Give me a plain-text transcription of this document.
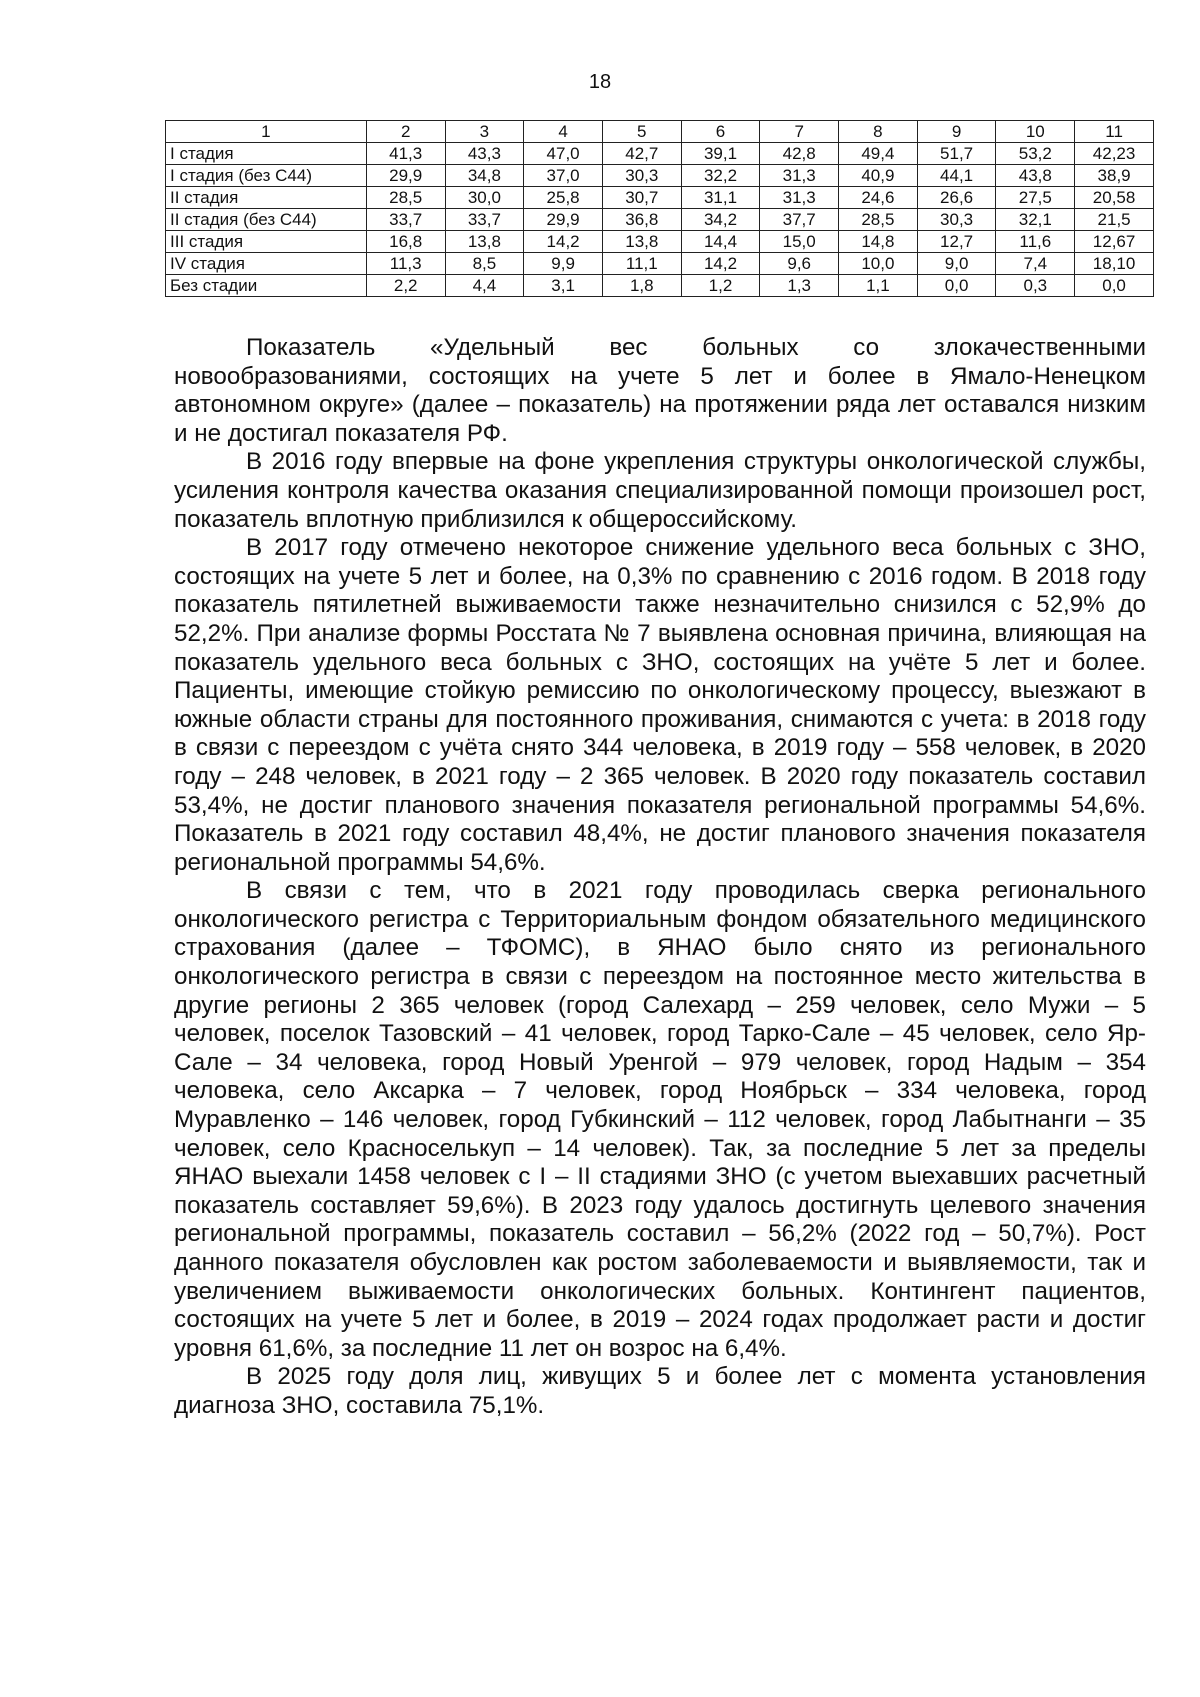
18
1	2	3	4	5	6	7	8	9	10	11
I стадия	41,3	43,3	47,0	42,7	39,1	42,8	49,4	51,7	53,2	42,23
I стадия (без С44)	29,9	34,8	37,0	30,3	32,2	31,3	40,9	44,1	43,8	38,9
II стадия	28,5	30,0	25,8	30,7	31,1	31,3	24,6	26,6	27,5	20,58
II стадия (без С44)	33,7	33,7	29,9	36,8	34,2	37,7	28,5	30,3	32,1	21,5
III стадия	16,8	13,8	14,2	13,8	14,4	15,0	14,8	12,7	11,6	12,67
IV стадия	11,3	8,5	9,9	11,1	14,2	9,6	10,0	9,0	7,4	18,10
Без стадии	2,2	4,4	3,1	1,8	1,2	1,3	1,1	0,0	0,3	0,0

Показатель «Удельный вес больных со злокачественными новообразованиями, состоящих на учете 5 лет и более в Ямало-Ненецком автономном округе» (далее – показатель) на протяжении ряда лет оставался низким и не достигал показателя РФ.

В 2016 году впервые на фоне укрепления структуры онкологической службы, усиления контроля качества оказания специализированной помощи произошел рост, показатель вплотную приблизился к общероссийскому.

В 2017 году отмечено некоторое снижение удельного веса больных с ЗНО, состоящих на учете 5 лет и более, на 0,3% по сравнению с 2016 годом. В 2018 году показатель пятилетней выживаемости также незначительно снизился с 52,9% до 52,2%. При анализе формы Росстата № 7 выявлена основная причина, влияющая на показатель удельного веса больных с ЗНО, состоящих на учёте 5 лет и более. Пациенты, имеющие стойкую ремиссию по онкологическому процессу, выезжают в южные области страны для постоянного проживания, снимаются с учета: в 2018 году в связи с переездом с учёта снято 344 человека, в 2019 году – 558 человек, в 2020 году – 248 человек, в 2021 году – 2 365 человек. В 2020 году показатель составил 53,4%, не достиг планового значения показателя региональной программы 54,6%. Показатель в 2021 году составил 48,4%, не достиг планового значения показателя региональной программы 54,6%.

В связи с тем, что в 2021 году проводилась сверка регионального онкологического регистра с Территориальным фондом обязательного медицинского страхования (далее – ТФОМС), в ЯНАО было снято из регионального онкологического регистра в связи с переездом на постоянное место жительства в другие регионы 2 365 человек (город Салехард – 259 человек, село Мужи – 5 человек, поселок Тазовский – 41 человек, город Тарко-Сале – 45 человек, село Яр-Сале – 34 человека, город Новый Уренгой – 979 человек, город Надым – 354 человека, село Аксарка – 7 человек, город Ноябрьск – 334 человека, город Муравленко – 146 человек, город Губкинский – 112 человек, город Лабытнанги – 35 человек, село Красноселькуп – 14 человек). Так, за последние 5 лет за пределы ЯНАО выехали 1458 человек с I – II стадиями ЗНО (с учетом выехавших расчетный показатель составляет 59,6%). В 2023 году удалось достигнуть целевого значения региональной программы, показатель составил – 56,2% (2022 год – 50,7%). Рост данного показателя обусловлен как ростом заболеваемости и выявляемости, так и увеличением выживаемости онкологических больных. Контингент пациентов, состоящих на учете 5 лет и более, в 2019 – 2024 годах продолжает расти и достиг уровня 61,6%, за последние 11 лет он возрос на 6,4%.

В 2025 году доля лиц, живущих 5 и более лет с момента установления диагноза ЗНО, составила 75,1%.
